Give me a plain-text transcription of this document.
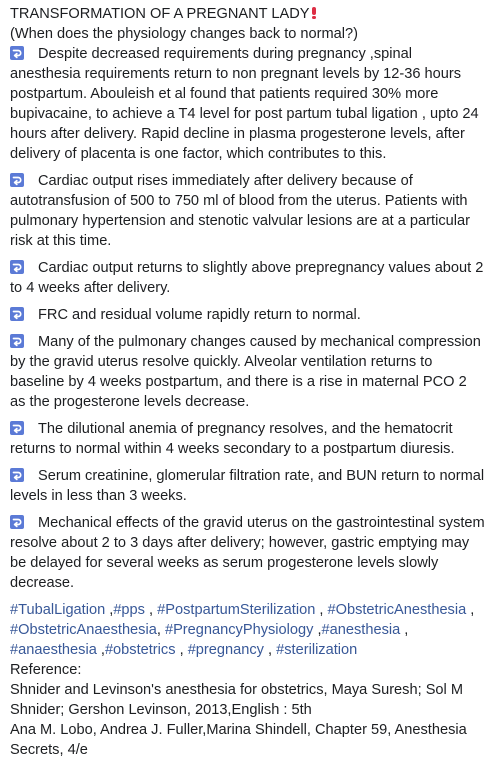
TRANSFORMATION OF A PREGNANT LADY

(When does the physiology changes back to normal?)

Despite decreased requirements during pregnancy ,spinal anesthesia requirements return to non pregnant levels by 12-36 hours postpartum. Abouleish et al found that patients required 30% more bupivacaine, to achieve a T4 level for post partum tubal ligation , upto 24 hours after delivery. Rapid decline in plasma progesterone levels, after delivery of placenta is one factor, which contributes to this.

Cardiac output rises immediately after delivery because of autotransfusion of 500 to 750 ml of blood from the uterus. Patients with pulmonary hypertension and stenotic valvular lesions are at a particular risk at this time.

Cardiac output returns to slightly above prepregnancy values about 2 to 4 weeks after delivery.

FRC and residual volume rapidly return to normal.

Many of the pulmonary changes caused by mechanical compression by the gravid uterus resolve quickly. Alveolar ventilation returns to baseline by 4 weeks postpartum, and there is a rise in maternal PCO 2 as the progesterone levels decrease.

The dilutional anemia of pregnancy resolves, and the hematocrit returns to normal within 4 weeks secondary to a postpartum diuresis.

Serum creatinine, glomerular filtration rate, and BUN return to normal levels in less than 3 weeks.

Mechanical effects of the gravid uterus on the gastrointestinal system resolve about 2 to 3 days after delivery; however, gastric emptying may be delayed for several weeks as serum progesterone levels slowly decrease.

#TubalLigation ,#pps , #PostpartumSterilization , #ObstetricAnesthesia , #ObstetricAnaesthesia, #PregnancyPhysiology ,#anesthesia , #anaesthesia ,#obstetrics , #pregnancy , #sterilization

Reference:

Shnider and Levinson's anesthesia for obstetrics, Maya Suresh; Sol M Shnider; Gershon Levinson, 2013,English : 5th

Ana M. Lobo, Andrea J. Fuller,Marina Shindell, Chapter 59, Anesthesia Secrets, 4/e
